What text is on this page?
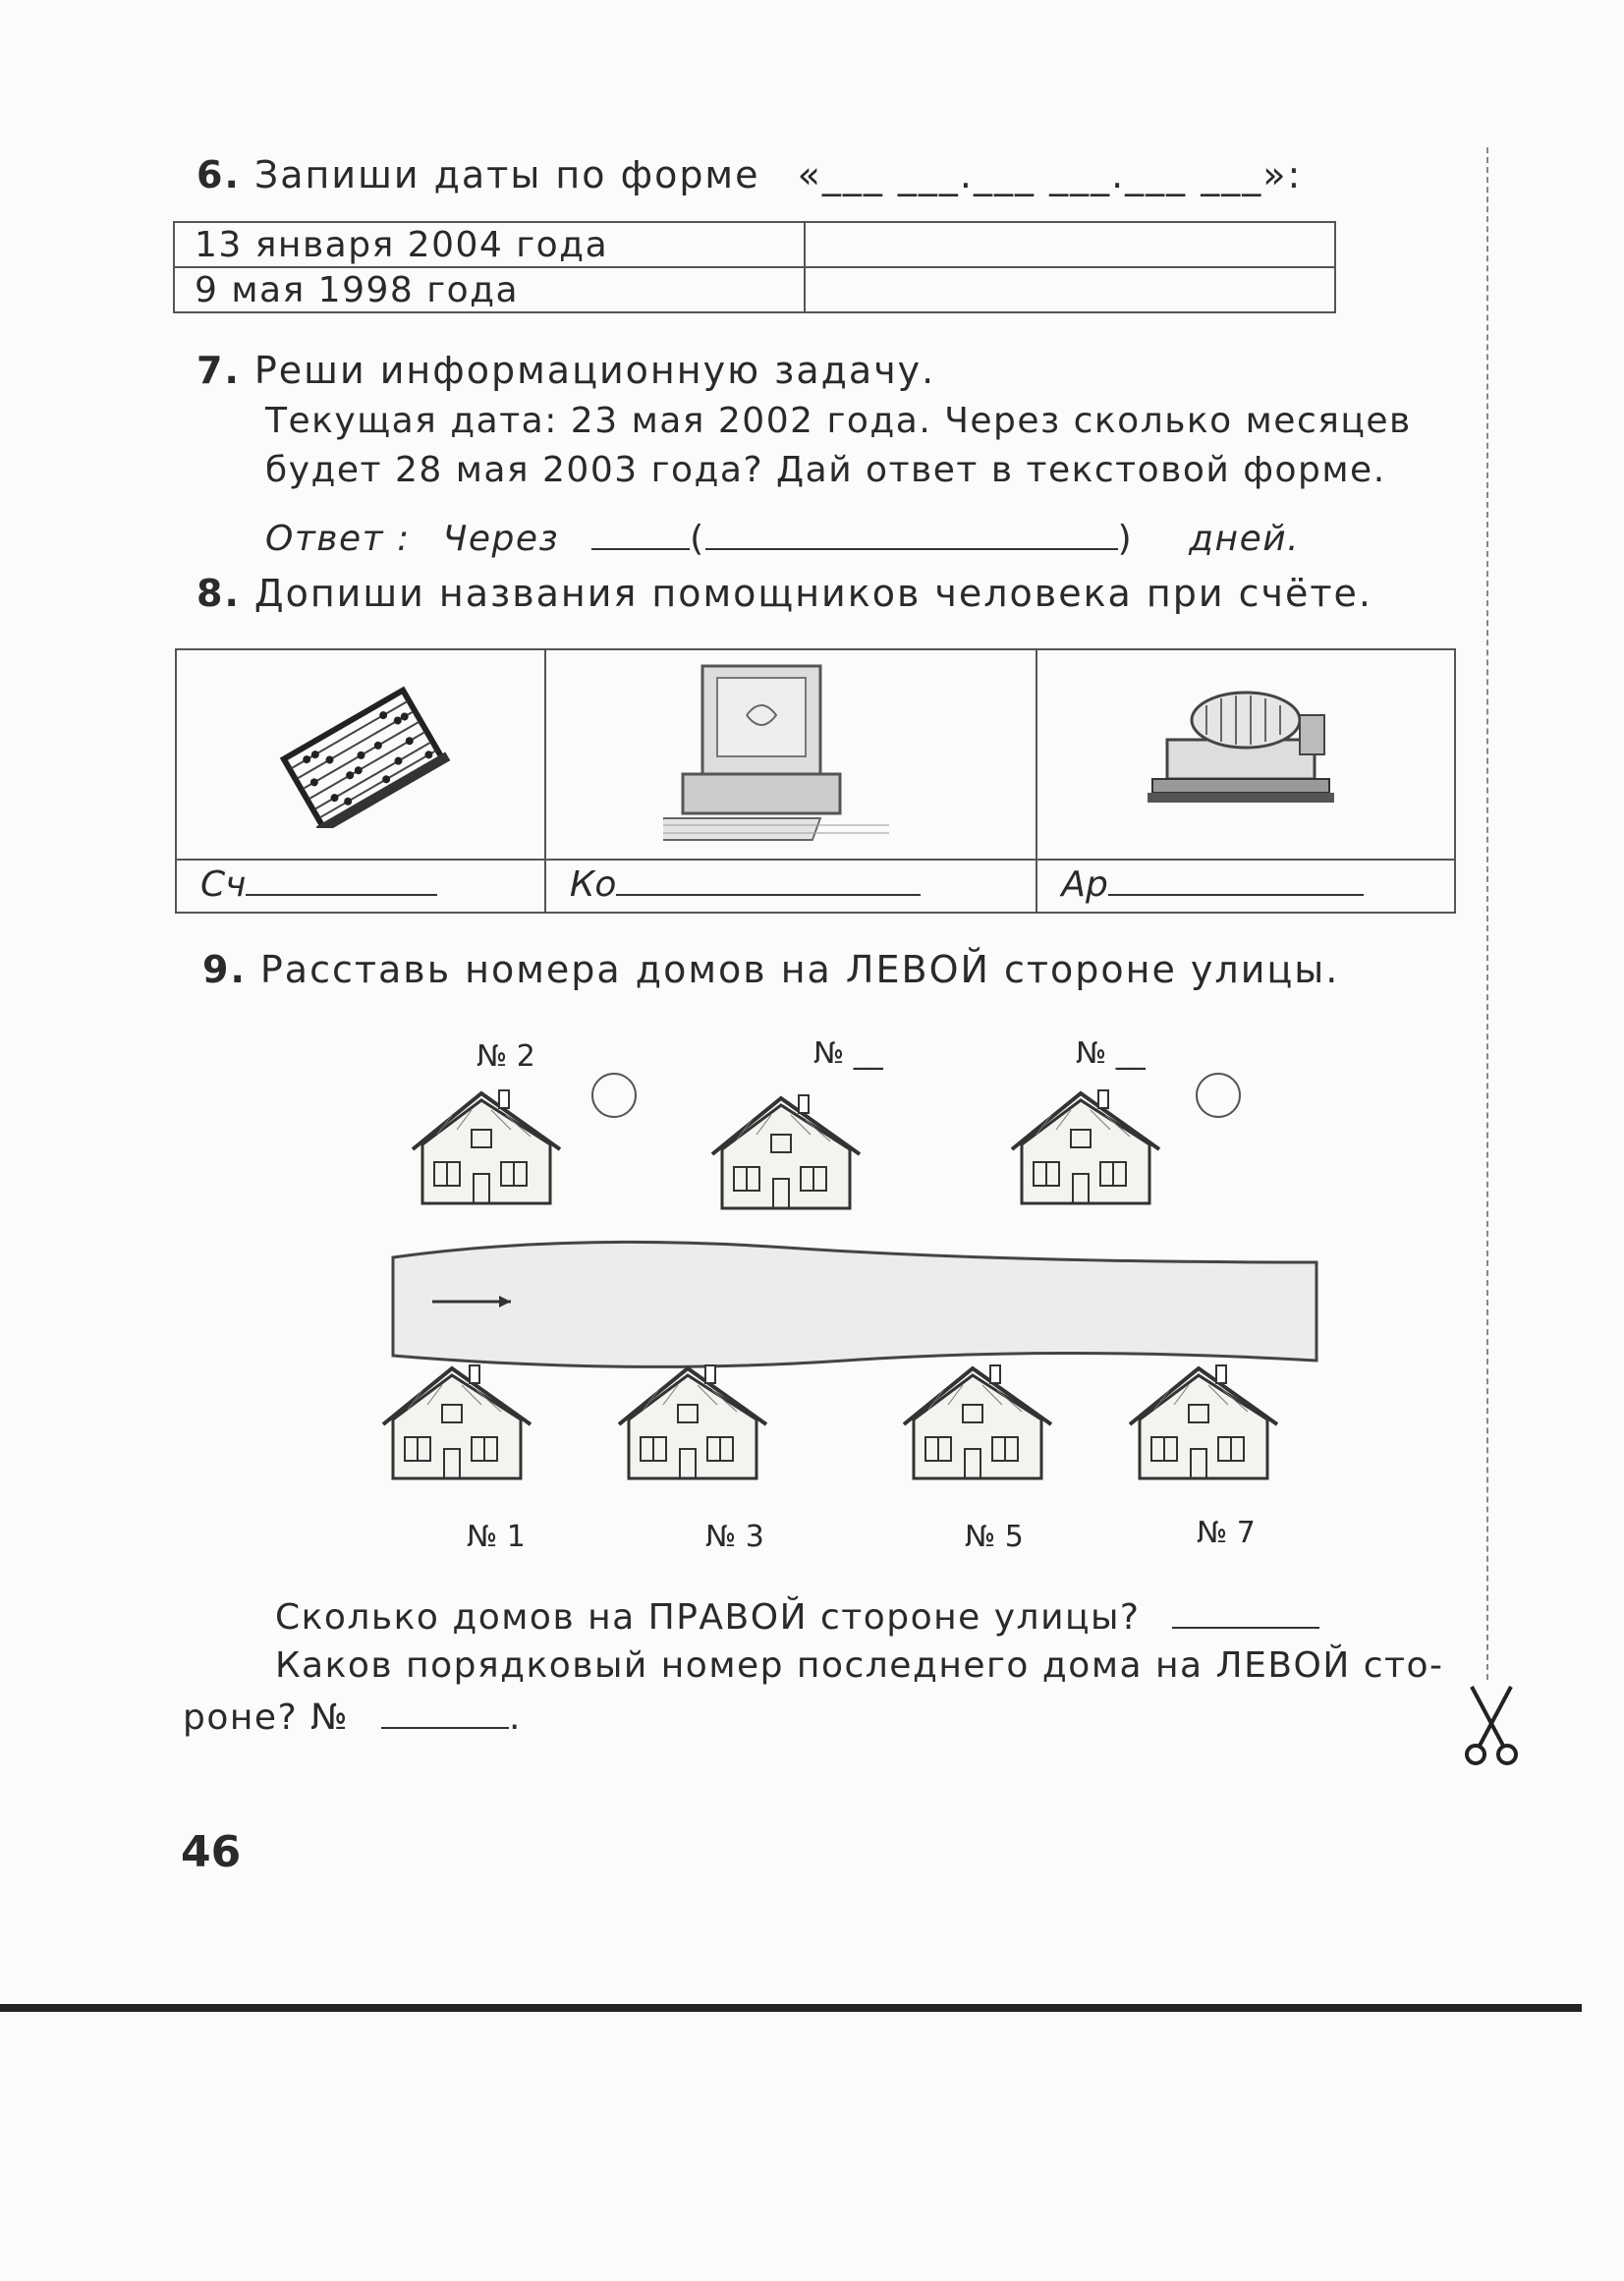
6. Запиши даты по форме «___ ___.___ ___.___ ___»:
13 января 2004 года	
9 мая 1998 года	
7. Реши информационную задачу.
Текущая дата: 23 мая 2002 года. Через сколько месяцев
будет 28 мая 2003 года? Дай ответ в текстовой форме.
Ответ : Через	(	) дней.
8. Допиши названия помощников человека при счёте.
Сч	Ко	Ар
9. Расставь номера домов на ЛЕВОЙ стороне улицы.
№ 2	№ __	№ __
№ 1	№ 3	№ 5	№ 7
Сколько домов на ПРАВОЙ стороне улицы?
Каков порядковый номер последнего дома на ЛЕВОЙ сто-
роне? №	.
46
